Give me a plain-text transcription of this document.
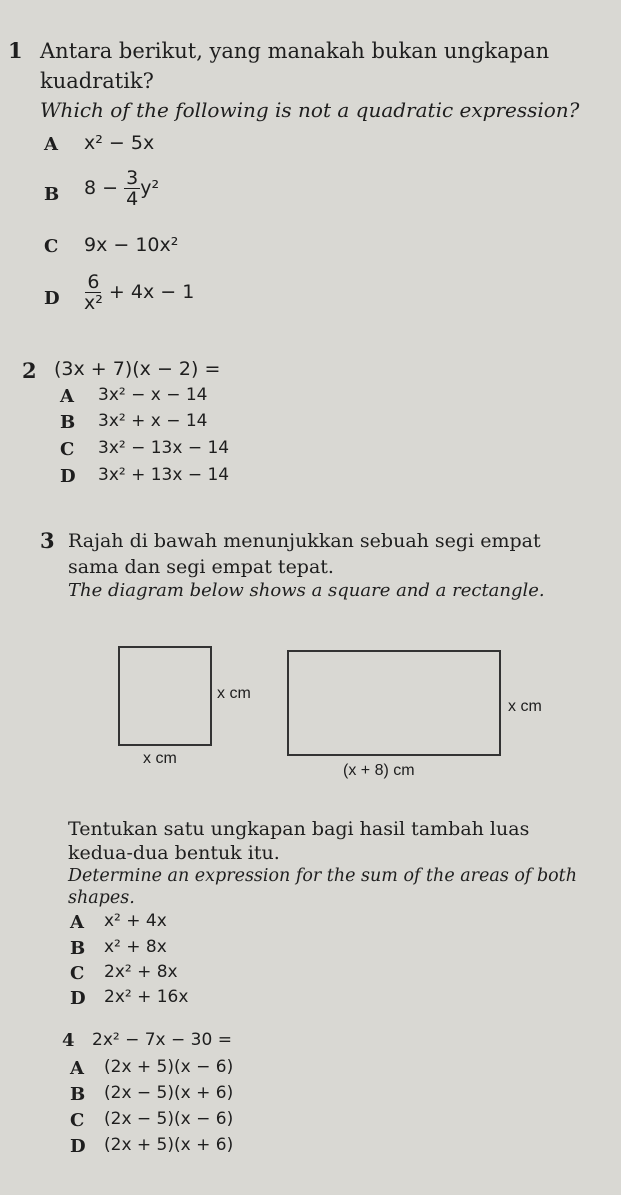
1 Antara berikut, yang manakah bukan ungkapan
kuadratik?
Which of the following is not a quadratic expression?
A x² − 5x
B $8 - \frac{3}{4} y^2$
C 9x − 10x²
D $\frac{6}{\text{x²}} + 4x - 1$
2 (3x + 7)(x − 2) =
A 3x² − x − 14
B 3x² + x − 14
C 3x² − 13x − 14
D 3x² + 13x − 14
3 Rajah di bawah menunjukkan sebuah segi empat
sama dan segi empat tepat.
The diagram below shows a square and a rectangle.
x cm
x cm
x cm
(x + 8) cm
Tentukan satu ungkapan bagi hasil tambah luas
kedua-dua bentuk itu.
Determine an expression for the sum of the areas of both
shapes.
A x² + 4x
B x² + 8x
C 2x² + 8x
D 2x² + 16x
4 2x² − 7x − 30 =
A (2x + 5)(x − 6)
B (2x − 5)(x + 6)
C (2x − 5)(x − 6)
D (2x + 5)(x + 6)
